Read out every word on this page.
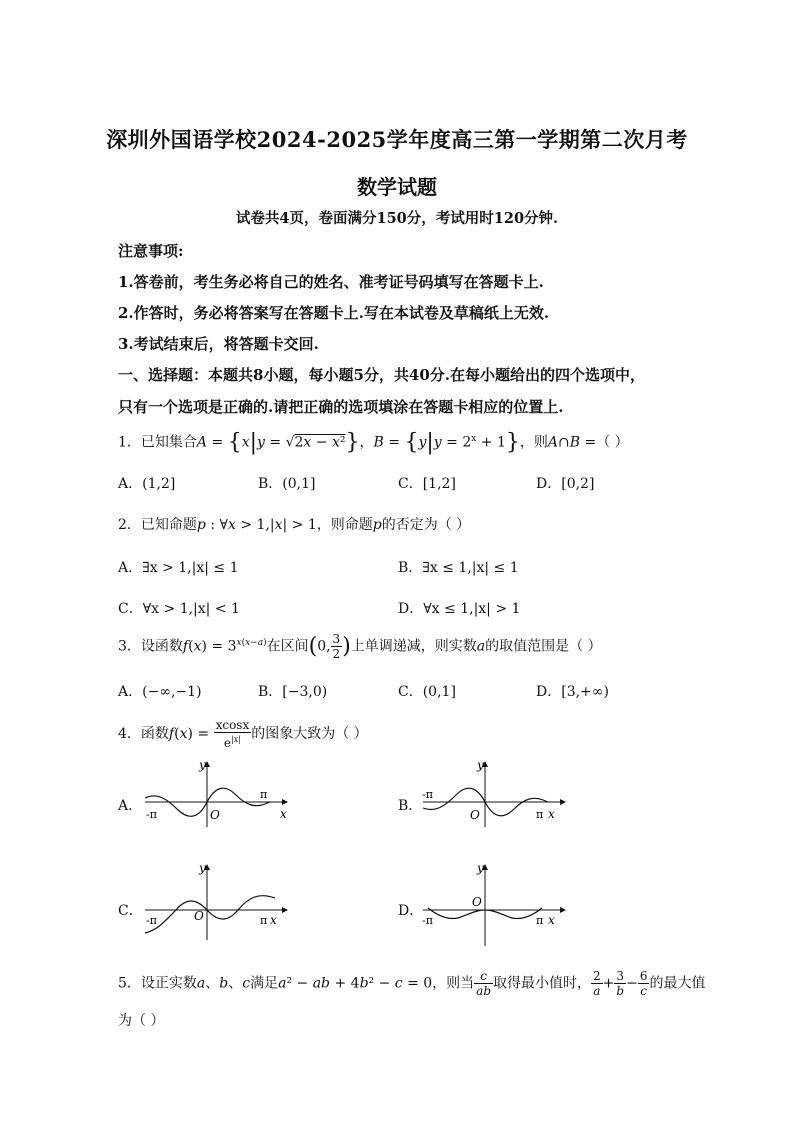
深圳外国语学校2024-2025学年度高三第一学期第二次月考
数学试题
试卷共4页，卷面满分150分，考试用时120分钟.
注意事项:
1.答卷前，考生务必将自己的姓名、准考证号码填写在答题卡上.
2.作答时，务必将答案写在答题卡上.写在本试卷及草稿纸上无效.
3.考试结束后，将答题卡交回.
一、选择题：本题共8小题，每小题5分，共40分.在每小题给出的四个选项中，
只有一个选项是正确的.请把正确的选项填涂在答题卡相应的位置上.
1．已知集合A = {x|y = √2x − x²}，$B = \{y|y = 2^x + 1\}$，则A∩B =（ ）
A．(1,2]	B．(0,1]	C．[1,2]	D．[0,2]
2．已知命题p : ∀x > 1,|x| > 1，则命题p的否定为（ ）
A．∃x > 1,|x| ≤ 1	B．∃x ≤ 1,|x| ≤ 1
C．∀x > 1,|x| < 1	D．∀x ≤ 1,|x| > 1
3．设函数$f(x) = 3^{x(x-a)}$在区间(0, $\frac{3}{2}$ )上单调递减，则实数a的取值范围是（ ）
A．(−∞,−1)	B．[−3,0)	C．(0,1]	D．[3,+∞)
4．函数$f(x) = \frac{xcosx}{e^{|x|}}$ 的图象大致为（ ）
A．
y
x
O
π
-π
B．
y
x
O	π
-π
C．
y
x
O	π
-π
D．
y
x
O
π
-π
5．设正实数a、b、c满足a² − ab + 4b² − c = 0，则当 $\frac{c}{ab}$ 取得最小值时， $\frac{2}{a} + \frac{3}{b} - \frac{6}{c}$ 的最大值
为（ ）
